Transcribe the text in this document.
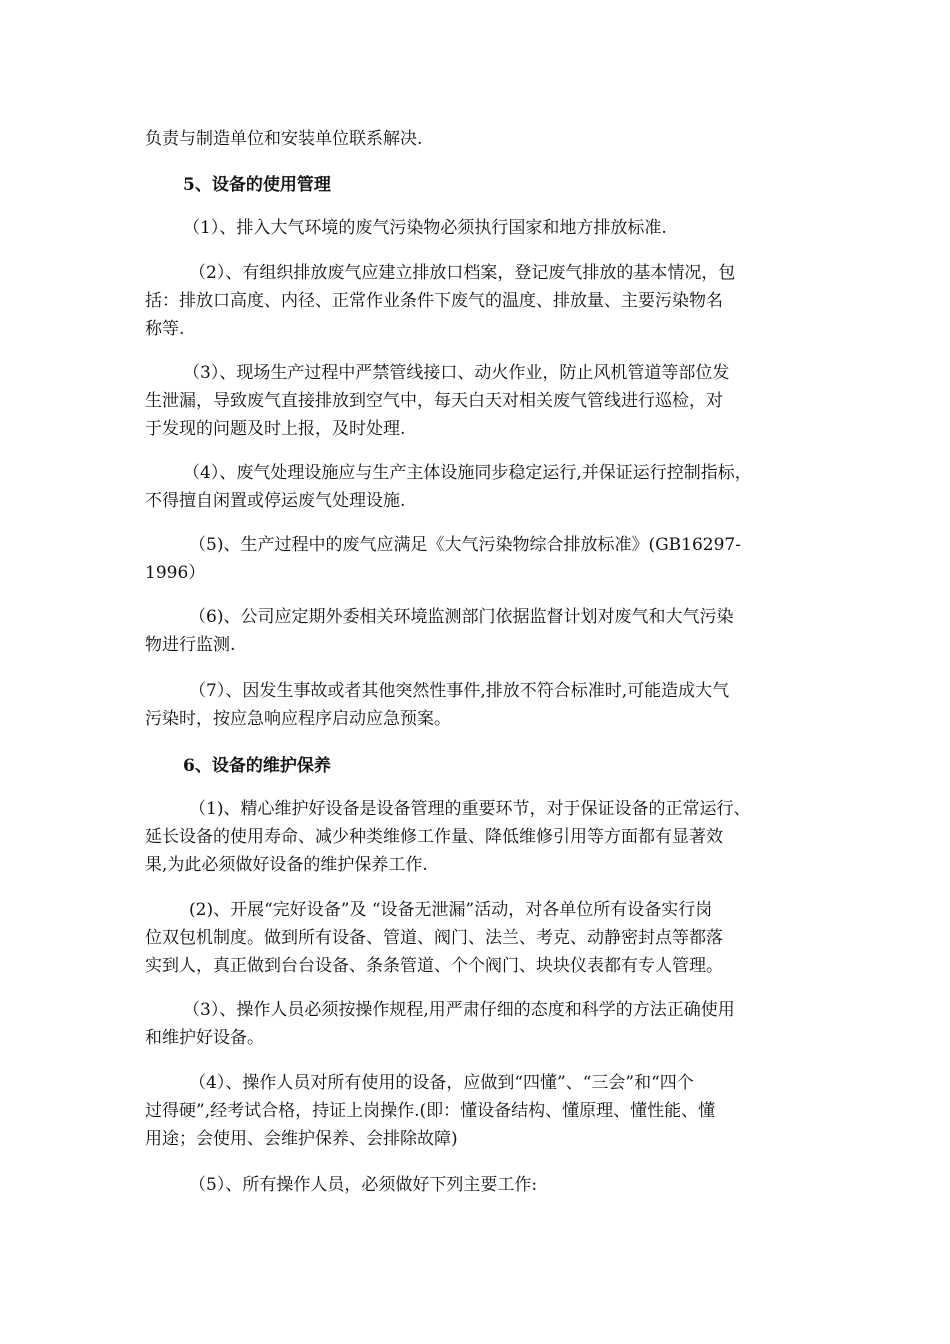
负责与制造单位和安装单位联系解决.

5、设备的使用管理

（1）、排入大气环境的废气污染物必须执行国家和地方排放标准.

（2）、有组织排放废气应建立排放口档案，登记废气排放的基本情况，包
括：排放口高度、内径、正常作业条件下废气的温度、排放量、主要污染物名
称等.

（3）、现场生产过程中严禁管线接口、动火作业，防止风机管道等部位发
生泄漏，导致废气直接排放到空气中，每天白天对相关废气管线进行巡检，对
于发现的问题及时上报，及时处理.

（4）、废气处理设施应与生产主体设施同步稳定运行,并保证运行控制指标，
不得擅自闲置或停运废气处理设施.

（5)、生产过程中的废气应满足《大气污染物综合排放标准》(GB16297-
1996）

（6)、公司应定期外委相关环境监测部门依据监督计划对废气和大气污染
物进行监测.

（7）、因发生事故或者其他突然性事件,排放不符合标准时,可能造成大气
污染时，按应急响应程序启动应急预案。

6、设备的维护保养

（1)、精心维护好设备是设备管理的重要环节，对于保证设备的正常运行、
延长设备的使用寿命、减少种类维修工作量、降低维修引用等方面都有显著效
果,为此必须做好设备的维护保养工作.

(2)、开展“完好设备”及 “设备无泄漏”活动，对各单位所有设备实行岗
位双包机制度。做到所有设备、管道、阀门、法兰、考克、动静密封点等都落
实到人，真正做到台台设备、条条管道、个个阀门、块块仪表都有专人管理。

（3）、操作人员必须按操作规程,用严肃仔细的态度和科学的方法正确使用
和维护好设备。

（4）、操作人员对所有使用的设备，应做到“四懂”、“三会”和“四个
过得硬”,经考试合格，持证上岗操作.(即：懂设备结构、懂原理、懂性能、懂
用途；会使用、会维护保养、会排除故障)

（5）、所有操作人员，必须做好下列主要工作:
